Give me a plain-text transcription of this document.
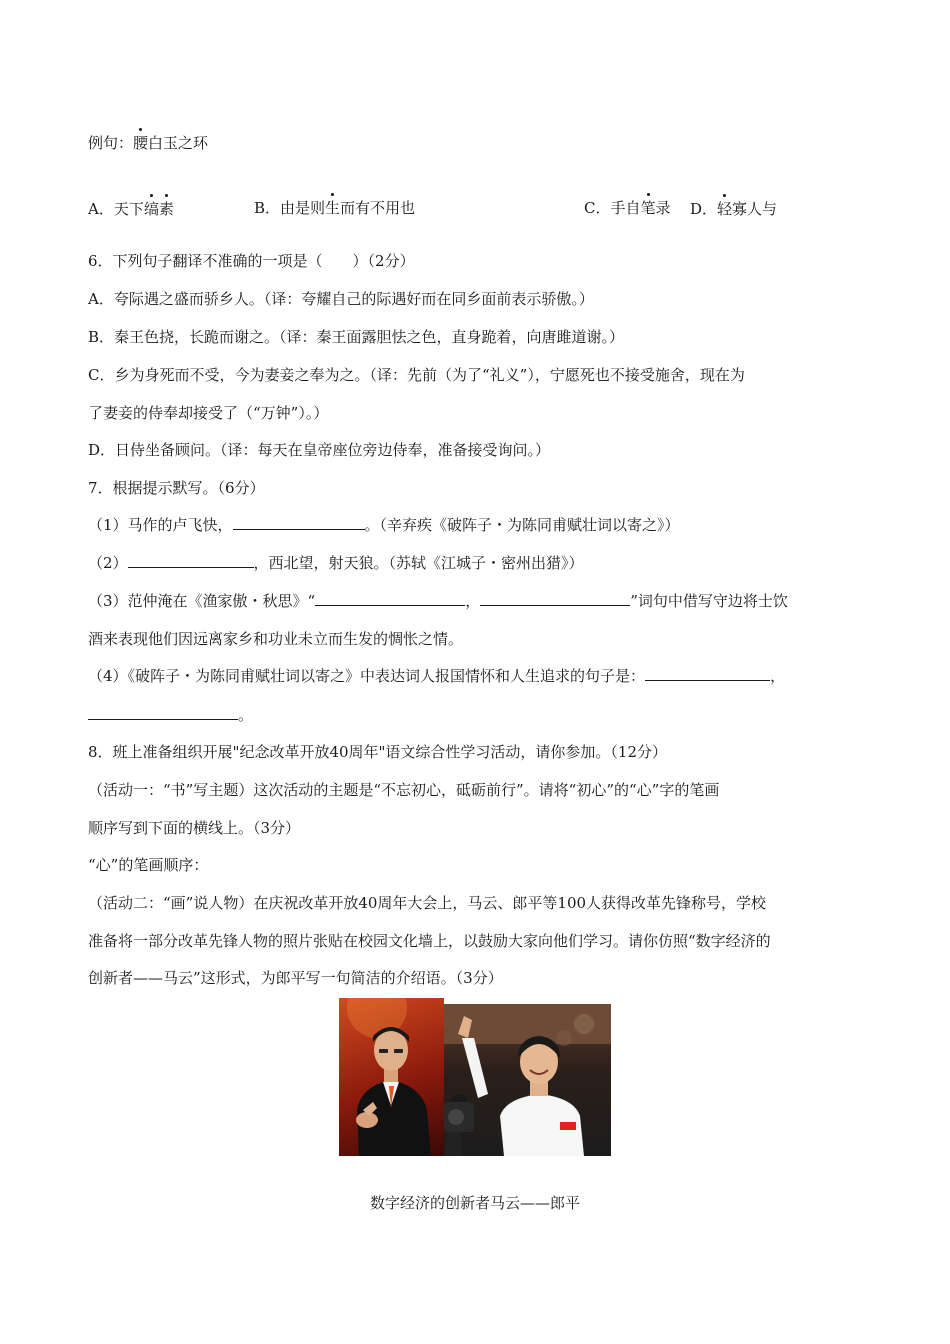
例句：腰白玉之环
A．天下缟素	B．由是则生而有不用也	C．手自笔录 D．轻寡人与
6．下列句子翻译不准确的一项是（　　）（2分）
A．夸际遇之盛而骄乡人。（译：夸耀自己的际遇好而在同乡面前表示骄傲。）
B．秦王色挠，长跪而谢之。（译：秦王面露胆怯之色，直身跪着，向唐雎道谢。）
C．乡为身死而不受，今为妻妾之奉为之。（译：先前（为了“礼义”），宁愿死也不接受施舍，现在为
了妻妾的侍奉却接受了（“万钟”）。）
D．日侍坐备顾问。（译：每天在皇帝座位旁边侍奉，准备接受询问。）
7．根据提示默写。（6分）
（1）马作的卢飞快，	。（辛弃疾《破阵子・为陈同甫赋壮词以寄之》）
（2）	，西北望，射天狼。（苏轼《江城子・密州出猎》）
（3）范仲淹在《渔家傲・秋思》“	，	”词句中借写守边将士饮
酒来表现他们因远离家乡和功业未立而生发的惆怅之情。
（4）《破阵子・为陈同甫赋壮词以寄之》中表达词人报国情怀和人生追求的句子是：	，
。
8．班上准备组织开展"纪念改革开放40周年"语文综合性学习活动，请你参加。（12分）
（活动一：“书”写主题）这次活动的主题是“不忘初心，砥砺前行”。请将“初心”的“心”字的笔画
顺序写到下面的横线上。（3分）
“心”的笔画顺序：
（活动二：“画”说人物）在庆祝改革开放40周年大会上，马云、郎平等100人获得改革先锋称号，学校
准备将一部分改革先锋人物的照片张贴在校园文化墙上，以鼓励大家向他们学习。请你仿照“数字经济的
创新者——马云”这形式，为郎平写一句简洁的介绍语。（3分）
数字经济的创新者马云——郎平
